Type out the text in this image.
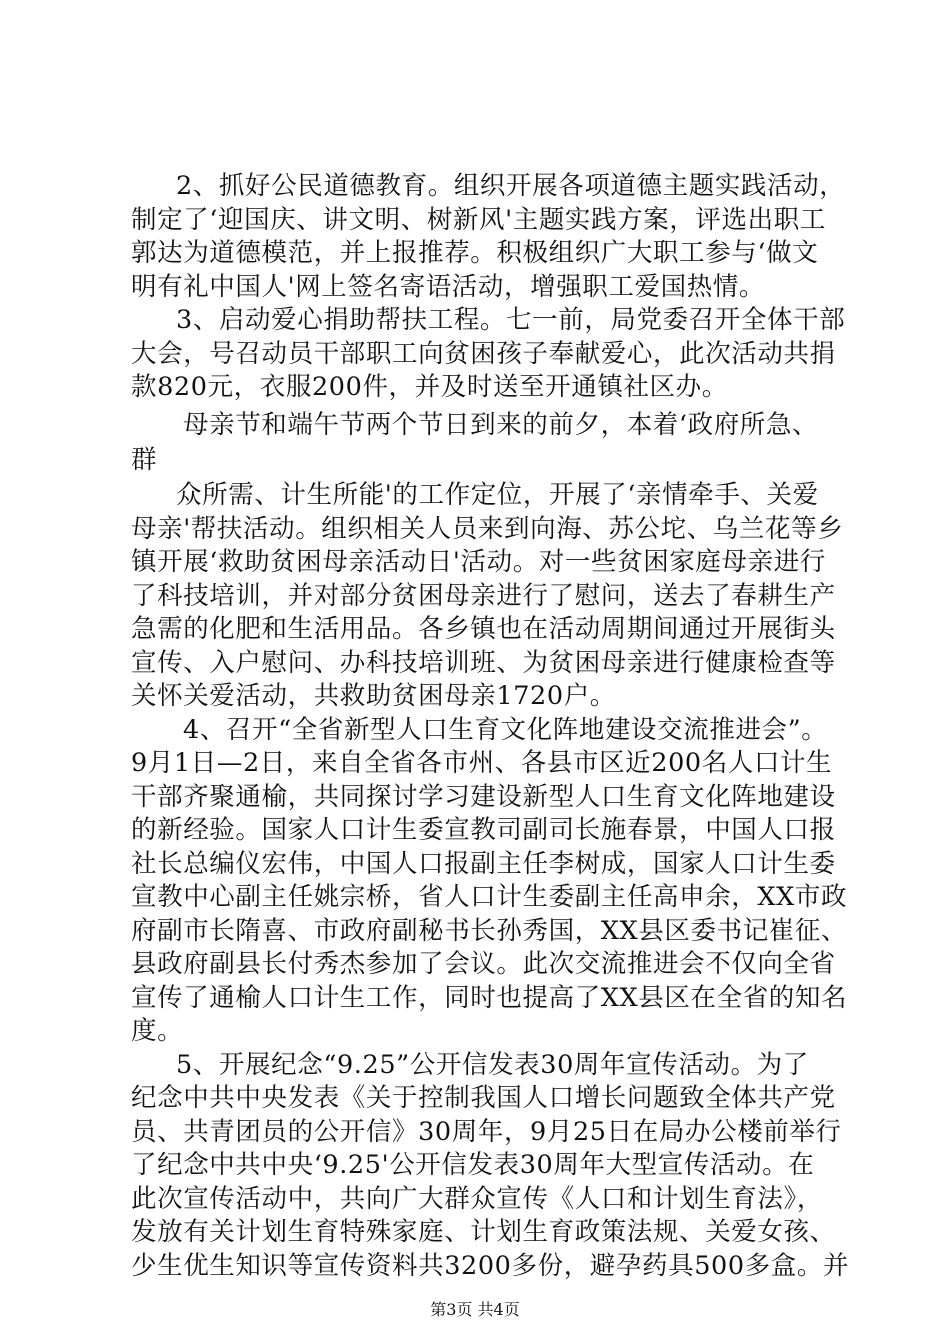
2、抓好公民道德教育。组织开展各项道德主题实践活动，
制定了‘迎国庆、讲文明、树新风'主题实践方案，评选出职工
郭达为道德模范，并上报推荐。积极组织广大职工参与‘做文
明有礼中国人'网上签名寄语活动，增强职工爱国热情。
3、启动爱心捐助帮扶工程。七一前，局党委召开全体干部
大会，号召动员干部职工向贫困孩子奉献爱心，此次活动共捐
款820元，衣服200件，并及时送至开通镇社区办。
母亲节和端午节两个节日到来的前夕，本着‘政府所急、
群
众所需、计生所能'的工作定位，开展了‘亲情牵手、关爱
母亲'帮扶活动。组织相关人员来到向海、苏公坨、乌兰花等乡
镇开展‘救助贫困母亲活动日'活动。对一些贫困家庭母亲进行
了科技培训，并对部分贫困母亲进行了慰问，送去了春耕生产
急需的化肥和生活用品。各乡镇也在活动周期间通过开展街头
宣传、入户慰问、办科技培训班、为贫困母亲进行健康检查等
关怀关爱活动，共救助贫困母亲1720户。
4、召开“全省新型人口生育文化阵地建设交流推进会”。
9月1日—2日，来自全省各市州、各县市区近200名人口计生
干部齐聚通榆，共同探讨学习建设新型人口生育文化阵地建设
的新经验。国家人口计生委宣教司副司长施春景，中国人口报
社长总编仪宏伟，中国人口报副主任李树成，国家人口计生委
宣教中心副主任姚宗桥，省人口计生委副主任高申余，XX市政
府副市长隋喜、市政府副秘书长孙秀国，XX县区委书记崔征、
县政府副县长付秀杰参加了会议。此次交流推进会不仅向全省
宣传了通榆人口计生工作，同时也提高了XX县区在全省的知名
度。
5、开展纪念“9.25”公开信发表30周年宣传活动。为了
纪念中共中央发表《关于控制我国人口增长问题致全体共产党
员、共青团员的公开信》30周年，9月25日在局办公楼前举行
了纪念中共中央‘9.25'公开信发表30周年大型宣传活动。在
此次宣传活动中，共向广大群众宣传《人口和计划生育法》，
发放有关计划生育特殊家庭、计划生育政策法规、关爱女孩、
少生优生知识等宣传资料共3200多份，避孕药具500多盒。并
第3页 共4页
